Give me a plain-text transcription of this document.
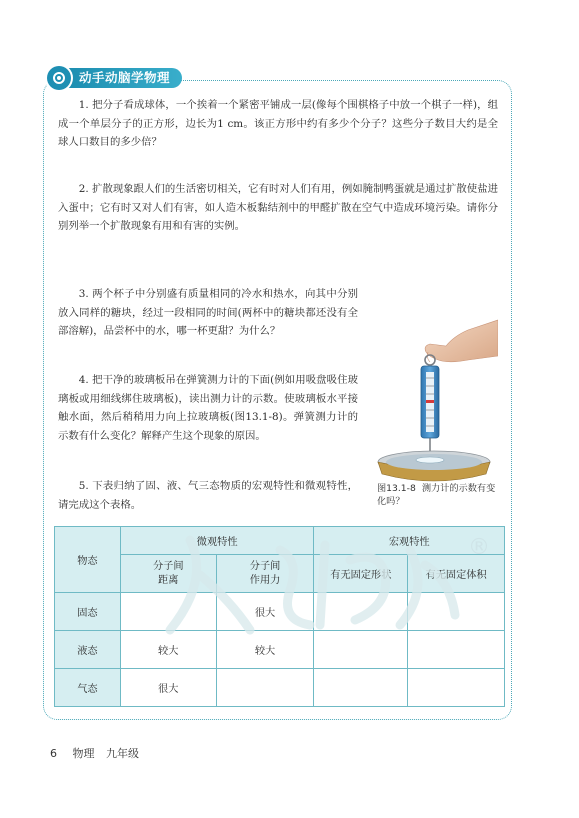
动手动脑学物理

1. 把分子看成球体，一个挨着一个紧密平铺成一层(像每个围棋格子中放一个棋子一样)，组成一个单层分子的正方形，边长为1 cm。该正方形中约有多少个分子？这些分子数目大约是全球人口数目的多少倍？

2. 扩散现象跟人们的生活密切相关，它有时对人们有用，例如腌制鸭蛋就是通过扩散使盐进入蛋中；它有时又对人们有害，如人造木板黏结剂中的甲醛扩散在空气中造成环境污染。请你分别列举一个扩散现象有用和有害的实例。

3. 两个杯子中分别盛有质量相同的冷水和热水，向其中分别放入同样的糖块，经过一段相同的时间(两杯中的糖块都还没有全部溶解)，品尝杯中的水，哪一杯更甜？为什么？

4. 把干净的玻璃板吊在弹簧测力计的下面(例如用吸盘吸住玻璃板或用细线绑住玻璃板)，读出测力计的示数。使玻璃板水平接触水面，然后稍稍用力向上拉玻璃板(图13.1-8)。弹簧测力计的示数有什么变化？解释产生这个现象的原因。

5. 下表归纳了固、液、气三态物质的宏观特性和微观特性，请完成这个表格。

图13.1-8 测力计的示数有变化吗？
物态	微观特性		宏观特性	

	分子间距离	分子间作用力	有无固定形状	有无固定体积
固态		很大		
液态	较大	较大		
气态	很大			
®
6 物理 九年级
